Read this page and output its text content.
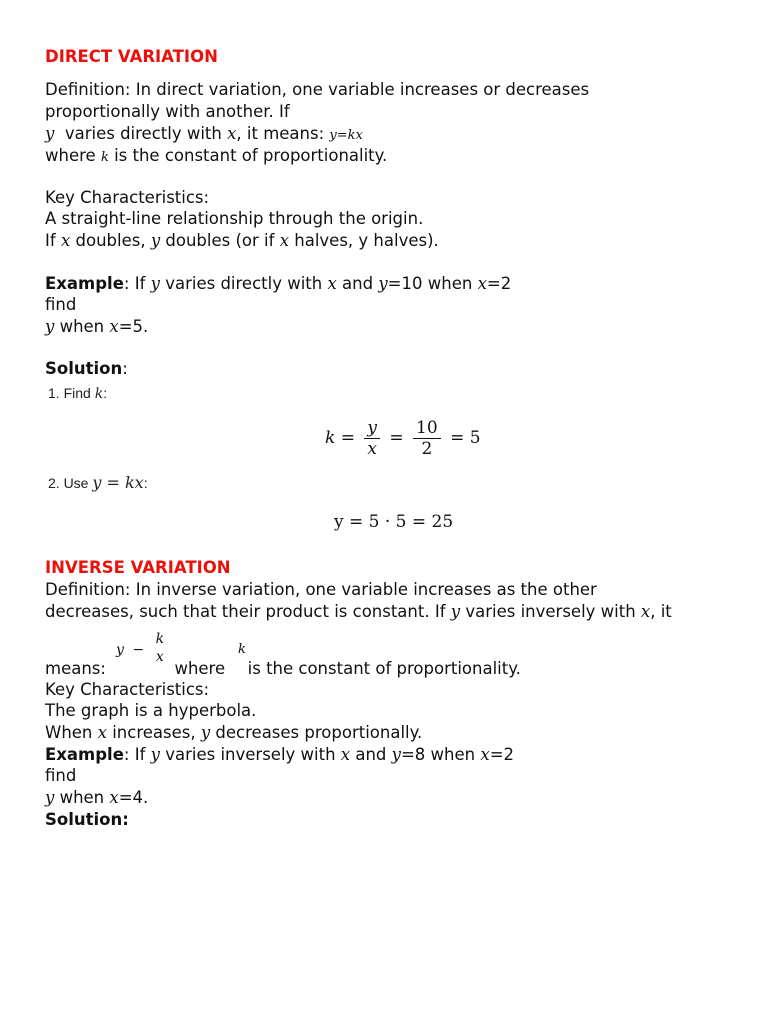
DIRECT VARIATION
Definition: In direct variation, one variable increases or decreases
proportionally with another. If
y varies directly with x, it means: y=kx
where k is the constant of proportionality.
Key Characteristics:
A straight-line relationship through the origin.
If x doubles, y doubles (or if x halves, y halves).
Example: If y varies directly with x and y=10 when x=2
find
y when x=5.
Solution:
1. Find k:
$k = \frac{y}{x} = \frac{10}{2} = 5$
2. Use y = kx:
y = 5 · 5 = 25
INVERSE VARIATION
Definition: In inverse variation, one variable increases as the other
decreases, such that their product is constant. If y varies inversely with x, it
y −
k
x	k
means:	where is the constant of proportionality.
Key Characteristics:
The graph is a hyperbola.
When x increases, y decreases proportionally.
Example: If y varies inversely with x and y=8 when x=2
find
y when x=4.
Solution:
